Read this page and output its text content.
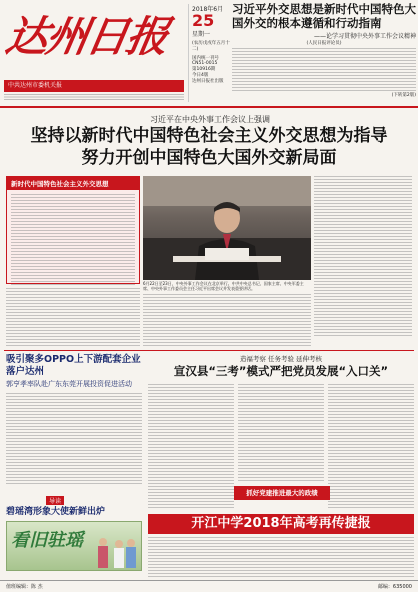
达州日报
中共达州市委机关报
2018年6月
25
星期一
(农历戊戌年五月十二)
国内统一刊号
CN51-0015
第10916期
今日4版
达州日报社出版
习近平外交思想是新时代中国特色大国外交的根本遵循和行动指南
——论学习贯彻中央外事工作会议精神
(人民日报评论员)
(下转第2版)
习近平在中央外事工作会议上强调
坚持以新时代中国特色社会主义外交思想为指导
努力开创中国特色大国外交新局面
新时代中国特色社会主义外交思想
6月22日至23日，中央外事工作会议在北京举行。中共中央总书记、国家主席、中央军委主席、中央外事工作委员会主任习近平出席会议并发表重要讲话。
吸引聚多OPPO上下游配套企业落户达州
郭亨孝率队赴广东东莞开展投资促进活动
造福考察 任务考验 延伸考核
宣汉县“三考”模式严把党员发展“入口关”
抓好党建推进最大的政绩
导读
碧瑶湾形象大使新鲜出炉
看旧驻瑶
开江中学2018年高考再传捷报
值班编辑：陈 杰	邮编：635000
